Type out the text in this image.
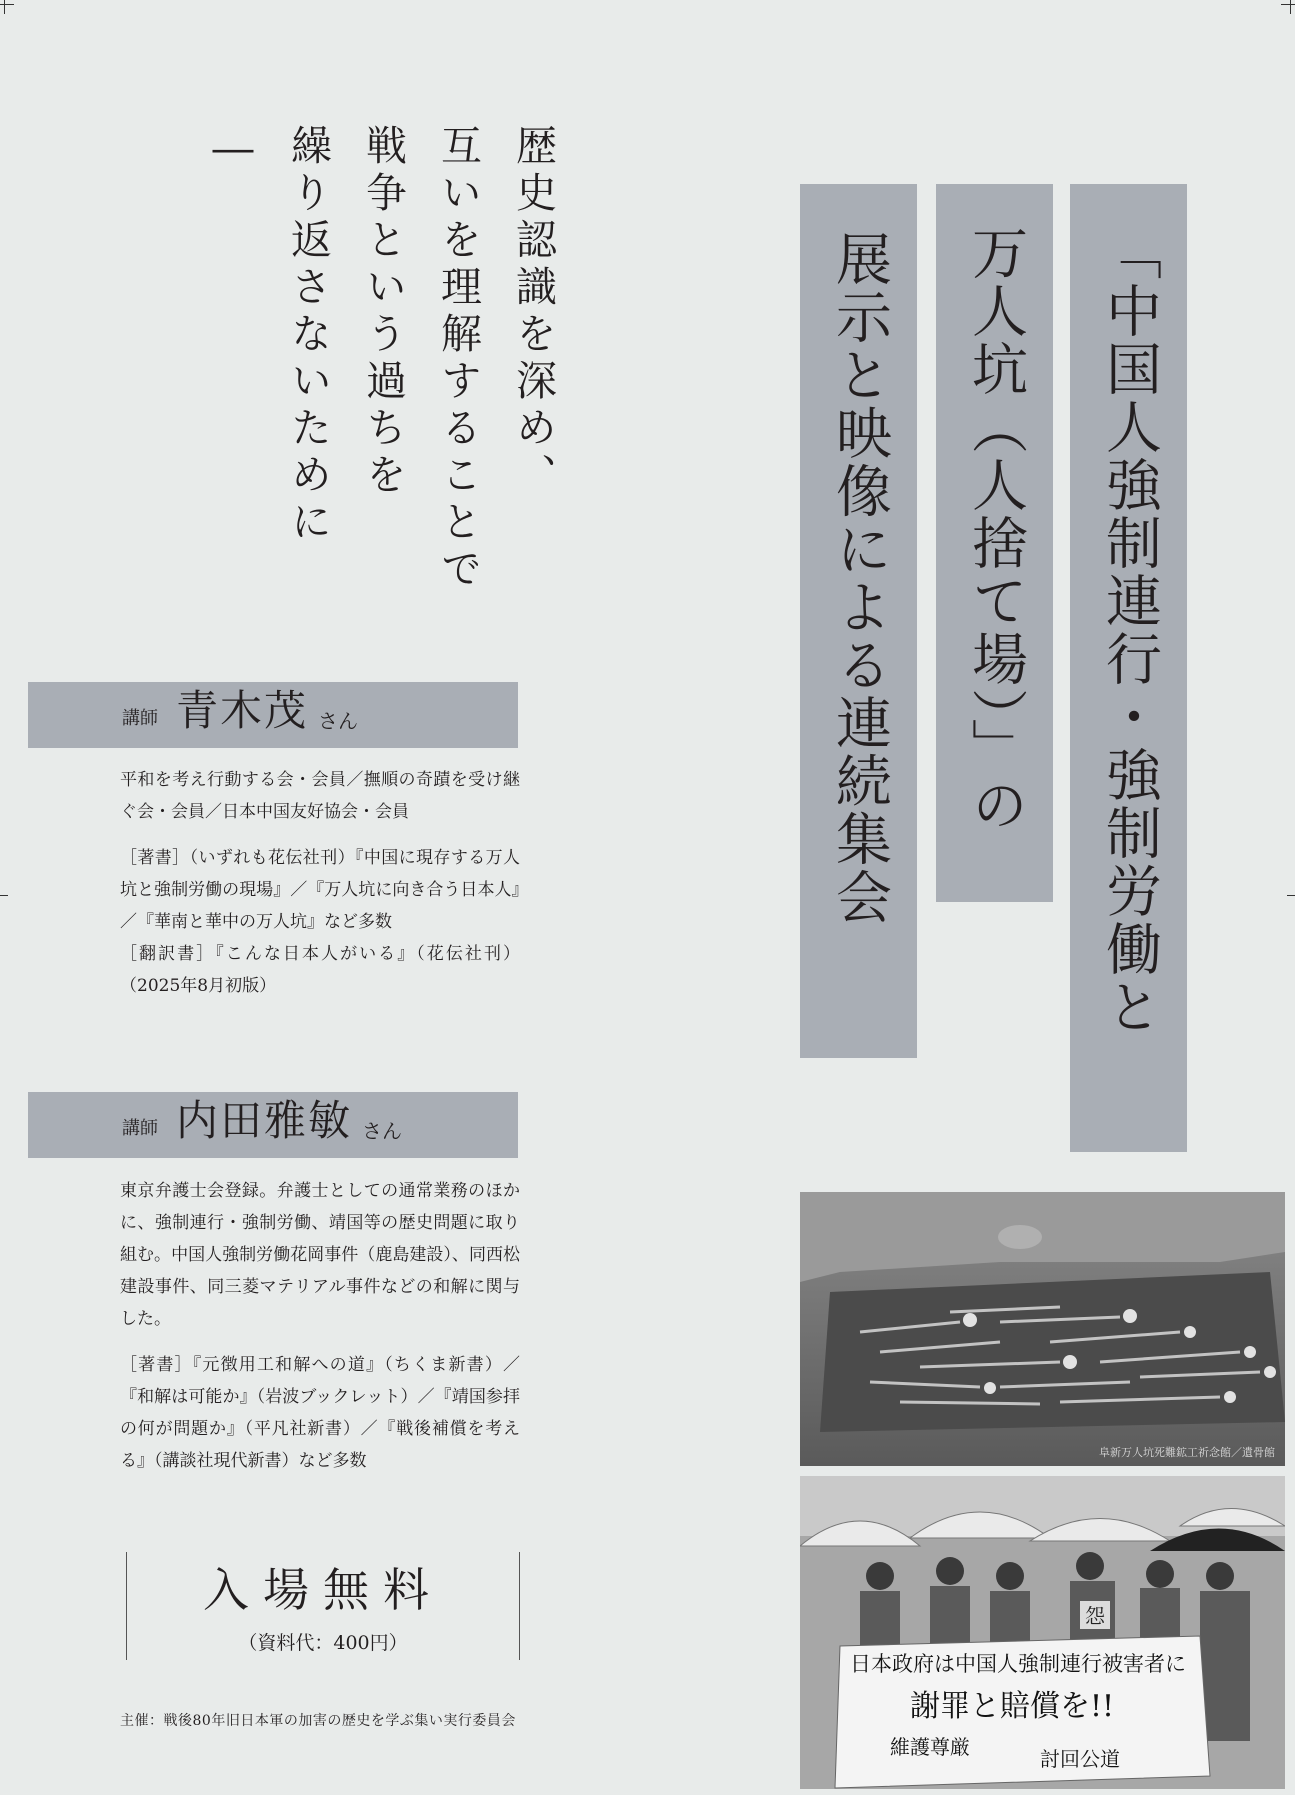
「中国人強制連行・強制労働と
万人坑（人捨て場）」の
展示と映像による連続集会
歴史認識を深め、
互いを理解することで
戦争という過ちを
繰り返さないために―
講師 青木茂 さん

平和を考え行動する会・会員／撫順の奇蹟を受け継ぐ会・会員／日本中国友好協会・会員

［著書］（いずれも花伝社刊）『中国に現存する万人坑と強制労働の現場』／『万人坑に向き合う日本人』／『華南と華中の万人坑』など多数
［翻訳書］『こんな日本人がいる』（花伝社刊）（2025年8月初版）

講師 内田雅敏 さん

東京弁護士会登録。弁護士としての通常業務のほかに、強制連行・強制労働、靖国等の歴史問題に取り組む。中国人強制労働花岡事件（鹿島建設）、同西松建設事件、同三菱マテリアル事件などの和解に関与した。

［著書］『元徴用工和解への道』（ちくま新書）／『和解は可能か』（岩波ブックレット）／『靖国参拝の何が問題か』（平凡社新書）／『戦後補償を考える』（講談社現代新書）など多数

入場無料
（資料代：400円）
主催：戦後80年旧日本軍の加害の歴史を学ぶ集い実行委員会
阜新万人坑死難鉱工祈念館／遺骨館
怨
日本政府は中国人強制連行被害者に
謝罪と賠償を!!
維護尊厳	討回公道
